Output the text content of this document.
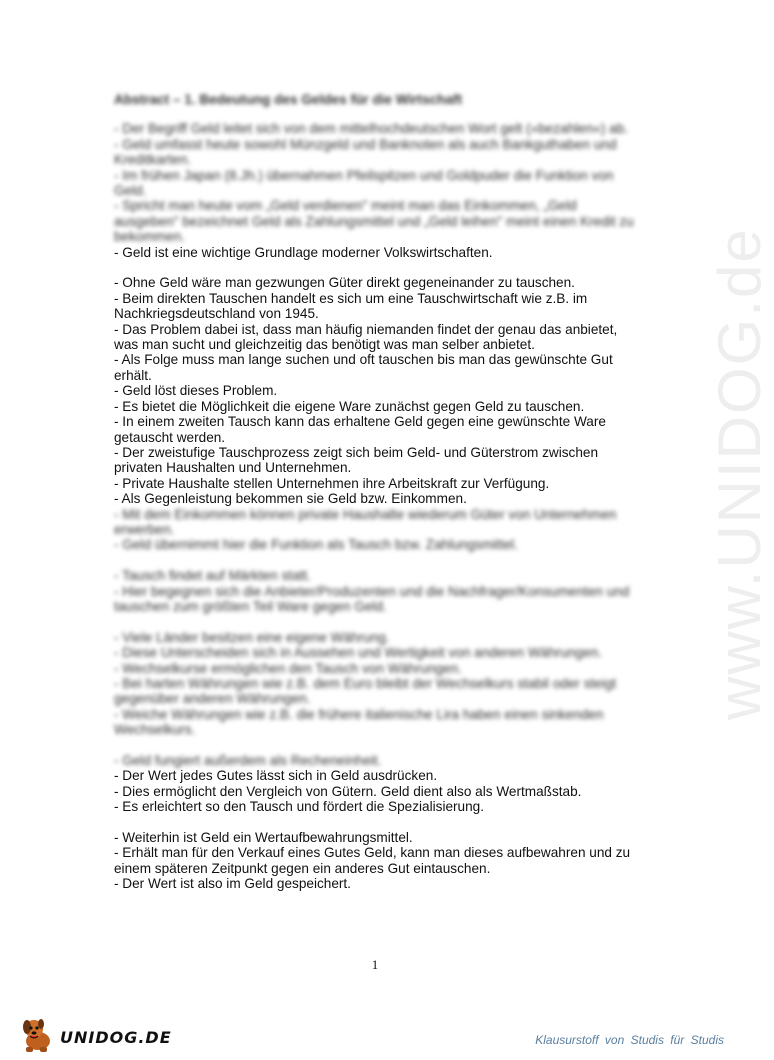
www.UNIDOG.de
Abstract – 1. Bedeutung des Geldes für die Wirtschaft
- Der Begriff Geld leitet sich von dem mittelhochdeutschen Wort gelt (»bezahlen«) ab.
- Geld umfasst heute sowohl Münzgeld und Banknoten als auch Bankguthaben und Kreditkarten.
- Im frühen Japan (8.Jh.) übernahmen Pfeilspitzen und Goldpuder die Funktion von Geld.
- Spricht man heute vom „Geld verdienen" meint man das Einkommen, „Geld ausgeben" bezeichnet Geld als Zahlungsmittel und „Geld leihen" meint einen Kredit zu bekommen.
- Geld ist eine wichtige Grundlage moderner Volkswirtschaften.
- Ohne Geld wäre man gezwungen Güter direkt gegeneinander zu tauschen.
- Beim direkten Tauschen handelt es sich um eine Tauschwirtschaft wie z.B. im Nachkriegsdeutschland von 1945.
- Das Problem dabei ist, dass man häufig niemanden findet der genau das anbietet, was man sucht und gleichzeitig das benötigt was man selber anbietet.
- Als Folge muss man lange suchen und oft tauschen bis man das gewünschte Gut erhält.
- Geld löst dieses Problem.
- Es bietet die Möglichkeit die eigene Ware zunächst gegen Geld zu tauschen.
- In einem zweiten Tausch kann das erhaltene Geld gegen eine gewünschte Ware getauscht werden.
- Der zweistufige Tauschprozess zeigt sich beim Geld- und Güterstrom zwischen privaten Haushalten und Unternehmen.
- Private Haushalte stellen Unternehmen ihre Arbeitskraft zur Verfügung.
- Als Gegenleistung bekommen sie Geld bzw. Einkommen.
- Mit dem Einkommen können private Haushalte wiederum Güter von Unternehmen erwerben.
- Geld übernimmt hier die Funktion als Tausch bzw. Zahlungsmittel.
- Tausch findet auf Märkten statt.
- Hier begegnen sich die Anbieter/Produzenten und die Nachfrager/Konsumenten und tauschen zum größten Teil Ware gegen Geld.
- Viele Länder besitzen eine eigene Währung.
- Diese Unterscheiden sich in Aussehen und Wertigkeit von anderen Währungen.
- Wechselkurse ermöglichen den Tausch von Währungen.
- Bei harten Währungen wie z.B. dem Euro bleibt der Wechselkurs stabil oder steigt gegenüber anderen Währungen.
- Weiche Währungen wie z.B. die frühere italienische Lira haben einen sinkenden Wechselkurs.
- Geld fungiert außerdem als Recheneinheit.
- Der Wert jedes Gutes lässt sich in Geld ausdrücken.
- Dies ermöglicht den Vergleich von Gütern. Geld dient also als Wertmaßstab.
- Es erleichtert so den Tausch und fördert die Spezialisierung.
- Weiterhin ist Geld ein Wertaufbewahrungsmittel.
- Erhält man für den Verkauf eines Gutes Geld, kann man dieses aufbewahren und zu einem späteren Zeitpunkt gegen ein anderes Gut eintauschen.
- Der Wert ist also im Geld gespeichert.
1
UNIDOG.DE	Klausurstoff von Studis für Studis
